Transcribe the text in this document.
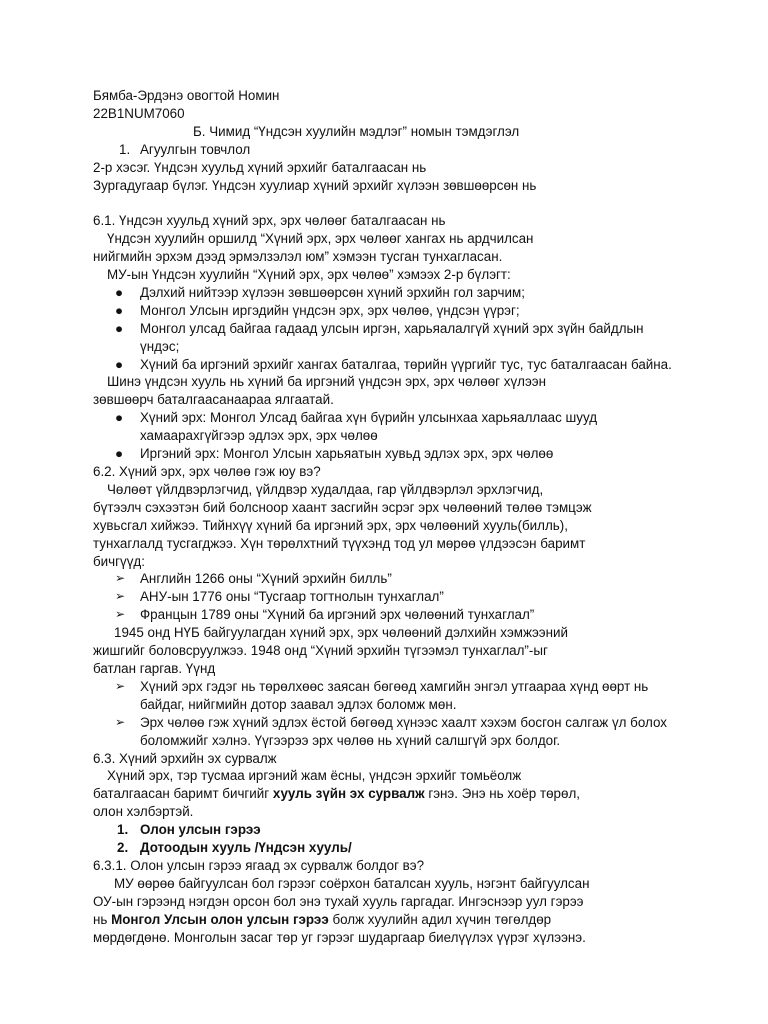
Бямба-Эрдэнэ овогтой Номин
22B1NUM7060
Б. Чимид “Үндсэн хуулийн мэдлэг” номын тэмдэглэл
1. Агуулгын товчлол
2-р хэсэг. Үндсэн хуульд хүний эрхийг баталгаасан нь
Зургадугаар бүлэг. Үндсэн хуулиар хүний эрхийг хүлээн зөвшөөрсөн нь
6.1. Үндсэн хуульд хүний эрх, эрх чөлөөг баталгаасан нь
Үндсэн хуулийн оршилд “Хүний эрх, эрх чөлөөг хангах нь ардчилсан
нийгмийн эрхэм дээд эрмэлзэлэл юм” хэмээн тусган тунхагласан.
МУ-ын Үндсэн хуулийн “Хүний эрх, эрх чөлөө” хэмээх 2-р бүлэгт:
● Дэлхий нийтээр хүлээн зөвшөөрсөн хүний эрхийн гол зарчим;
● Монгол Улсын иргэдийн үндсэн эрх, эрх чөлөө, үндсэн үүрэг;
● Монгол улсад байгаа гадаад улсын иргэн, харьяалалгүй хүний эрх зүйн байдлын үндэс;
● Хүний ба иргэний эрхийг хангах баталгаа, төрийн үүргийг тус, тус баталгаасан байна.
Шинэ үндсэн хууль нь хүний ба иргэний үндсэн эрх, эрх чөлөөг хүлээн
зөвшөөрч баталгаасанаараа ялгаатай.
● Хүний эрх: Монгол Улсад байгаа хүн бүрийн улсынхаа харьяаллаас шууд хамаарахгүйгээр эдлэх эрх, эрх чөлөө
● Иргэний эрх: Монгол Улсын харьяатын хувьд эдлэх эрх, эрх чөлөө
6.2. Хүний эрх, эрх чөлөө гэж юу вэ?
Чөлөөт үйлдвэрлэгчид, үйлдвэр худалдаа, гар үйлдвэрлэл эрхлэгчид,
бүтээлч сэхээтэн бий болсноор хаант засгийн эсрэг эрх чөлөөний төлөө тэмцэж
хувьсгал хийжээ. Тийнхүү хүний ба иргэний эрх, эрх чөлөөний хууль(билль),
тунхаглалд тусгагджээ. Хүн төрөлхтний түүхэнд тод ул мөрөө үлдээсэн баримт
бичгүүд:
➢ Английн 1266 оны “Хүний эрхийн билль”
➢ АНУ-ын 1776 оны “Тусгаар тогтнолын тунхаглал”
➢ Францын 1789 оны “Хүний ба иргэний эрх чөлөөний тунхаглал”
1945 онд НҮБ байгуулагдан хүний эрх, эрх чөлөөний дэлхийн хэмжээний
жишгийг боловсруулжээ. 1948 онд “Хүний эрхийн түгээмэл тунхаглал”-ыг
батлан гаргав. Үүнд
➢ Хүний эрх гэдэг нь төрөлхөөс заясан бөгөөд хамгийн энгэл утгаараа хүнд өөрт нь байдаг, нийгмийн дотор заавал эдлэх боломж мөн.
➢ Эрх чөлөө гэж хүний эдлэх ёстой бөгөөд хүнээс хаалт хэхэм босгон салгаж үл болох боломжийг хэлнэ. Үүгээрээ эрх чөлөө нь хүний салшгүй эрх болдог.
6.3. Хүний эрхийн эх сурвалж
Хүний эрх, тэр тусмаа иргэний жам ёсны, үндсэн эрхийг томьёолж
баталгаасан баримт бичгийг хууль зүйн эх сурвалж гэнэ. Энэ нь хоёр төрөл,
олон хэлбэртэй.
1. Олон улсын гэрээ
2. Дотоодын хууль /Үндсэн хууль/
6.3.1. Олон улсын гэрээ ягаад эх сурвалж болдог вэ?
МУ өөрөө байгуулсан бол гэрээг соёрхон баталсан хууль, нэгэнт байгуулсан
ОУ-ын гэрээнд нэгдэн орсон бол энэ тухай хууль гаргадаг. Ингэснээр уул гэрээ
нь Монгол Улсын олон улсын гэрээ болж хуулийн адил хүчин төгөлдөр
мөрдөгдөнө. Монголын засаг төр уг гэрээг шударгаар биелүүлэх үүрэг хүлээнэ.
